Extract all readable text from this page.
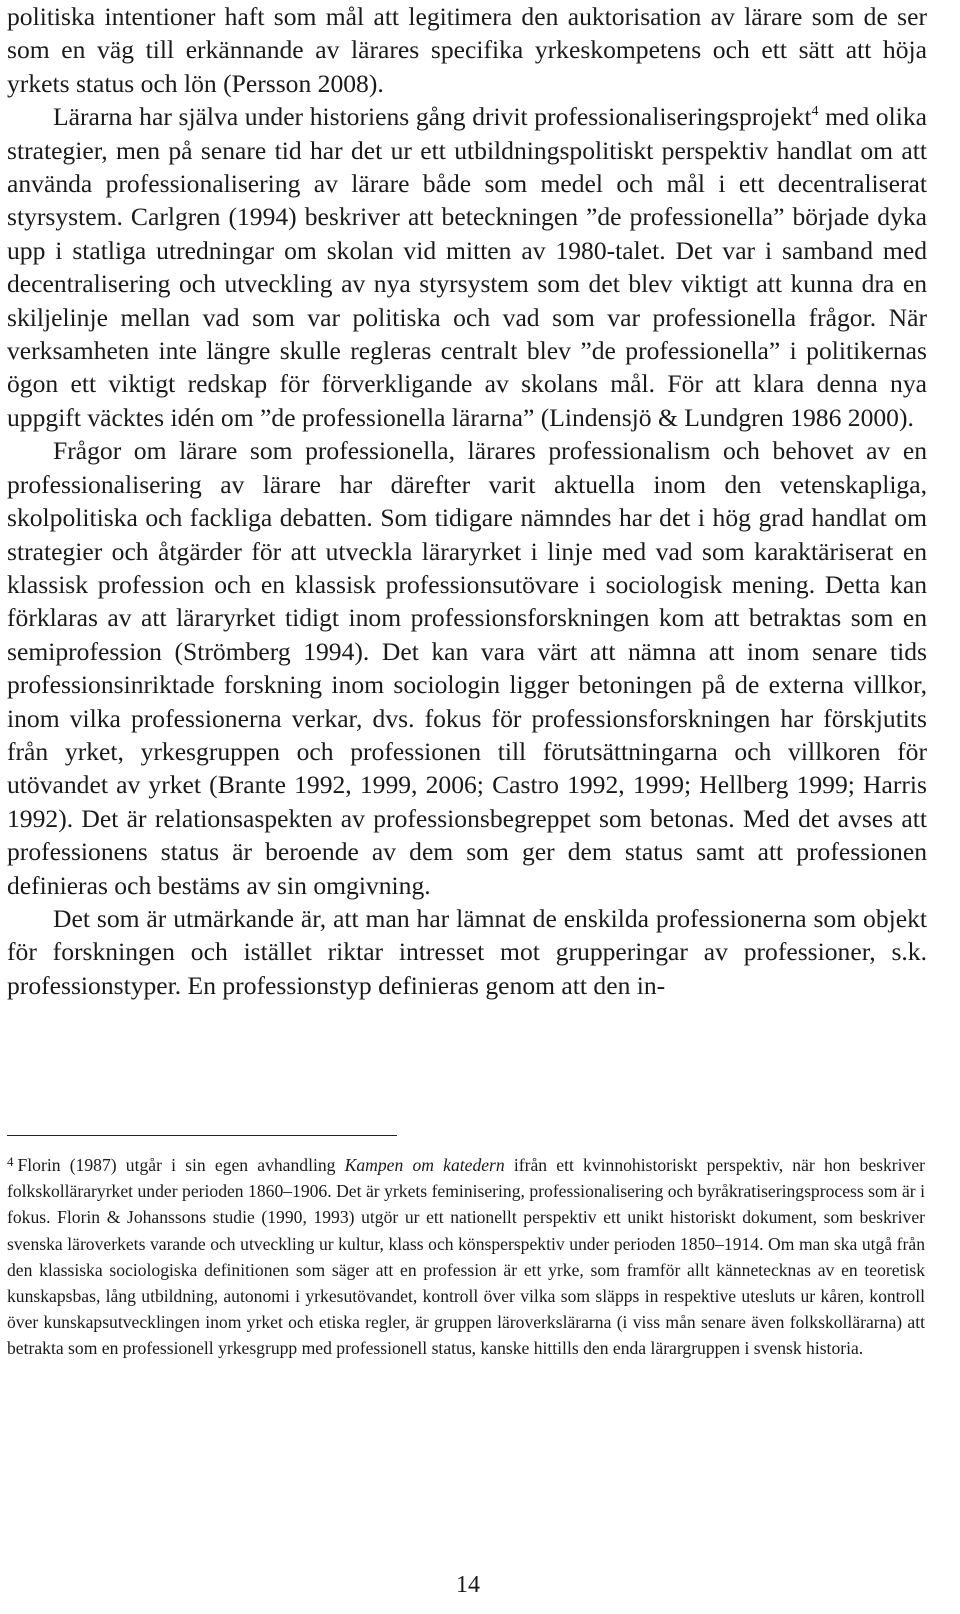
politiska intentioner haft som mål att legitimera den auktorisation av lärare som de ser som en väg till erkännande av lärares specifika yrkeskompetens och ett sätt att höja yrkets status och lön (Persson 2008).

Lärarna har själva under historiens gång drivit professionaliseringsprojekt$^4$ med olika strategier, men på senare tid har det ur ett utbildningspolitiskt perspektiv handlat om att använda professionalisering av lärare både som medel och mål i ett decentraliserat styrsystem. Carlgren (1994) beskriver att beteckningen ”de professionella” började dyka upp i statliga utredningar om skolan vid mitten av 1980-talet. Det var i samband med decentralisering och utveckling av nya styrsystem som det blev viktigt att kunna dra en skiljelinje mellan vad som var politiska och vad som var professionella frågor. När verksamheten inte längre skulle regleras centralt blev ”de professionella” i politikernas ögon ett viktigt redskap för förverkligande av skolans mål. För att klara denna nya uppgift väcktes idén om ”de professionella lärarna” (Lindensjö & Lundgren 1986 2000).

Frågor om lärare som professionella, lärares professionalism och behovet av en professionalisering av lärare har därefter varit aktuella inom den vetenskapliga, skolpolitiska och fackliga debatten. Som tidigare nämndes har det i hög grad handlat om strategier och åtgärder för att utveckla läraryrket i linje med vad som karaktäriserat en klassisk profession och en klassisk professionsutövare i sociologisk mening. Detta kan förklaras av att läraryrket tidigt inom professionsforskningen kom att betraktas som en semiprofession (Strömberg 1994). Det kan vara värt att nämna att inom senare tids professionsinriktade forskning inom sociologin ligger betoningen på de externa villkor, inom vilka professionerna verkar, dvs. fokus för professionsforskningen har förskjutits från yrket, yrkesgruppen och professionen till förutsättningarna och villkoren för utövandet av yrket (Brante 1992, 1999, 2006; Castro 1992, 1999; Hellberg 1999; Harris 1992). Det är relationsaspekten av professionsbegreppet som betonas. Med det avses att professionens status är beroende av dem som ger dem status samt att professionen definieras och bestäms av sin omgivning.

Det som är utmärkande är, att man har lämnat de enskilda professionerna som objekt för forskningen och istället riktar intresset mot grupperingar av professioner, s.k. professionstyper. En professionstyp definieras genom att den in-

$^4$ Florin (1987) utgår i sin egen avhandling Kampen om katedern ifrån ett kvinnohistoriskt perspektiv, när hon beskriver folkskolläraryrket under perioden 1860–1906. Det är yrkets feminisering, professionalisering och byråkratiseringsprocess som är i fokus. Florin & Johanssons studie (1990, 1993) utgör ur ett nationellt perspektiv ett unikt historiskt dokument, som beskriver svenska läroverkets varande och utveckling ur kultur, klass och könsperspektiv under perioden 1850–1914. Om man ska utgå från den klassiska sociologiska definitionen som säger att en profession är ett yrke, som framför allt kännetecknas av en teoretisk kunskapsbas, lång utbildning, autonomi i yrkesutövandet, kontroll över vilka som släpps in respektive utesluts ur kåren, kontroll över kunskapsutvecklingen inom yrket och etiska regler, är gruppen läroverkslärarna (i viss mån senare även folkskollärarna) att betrakta som en professionell yrkesgrupp med professionell status, kanske hittills den enda lärargruppen i svensk historia.
14
